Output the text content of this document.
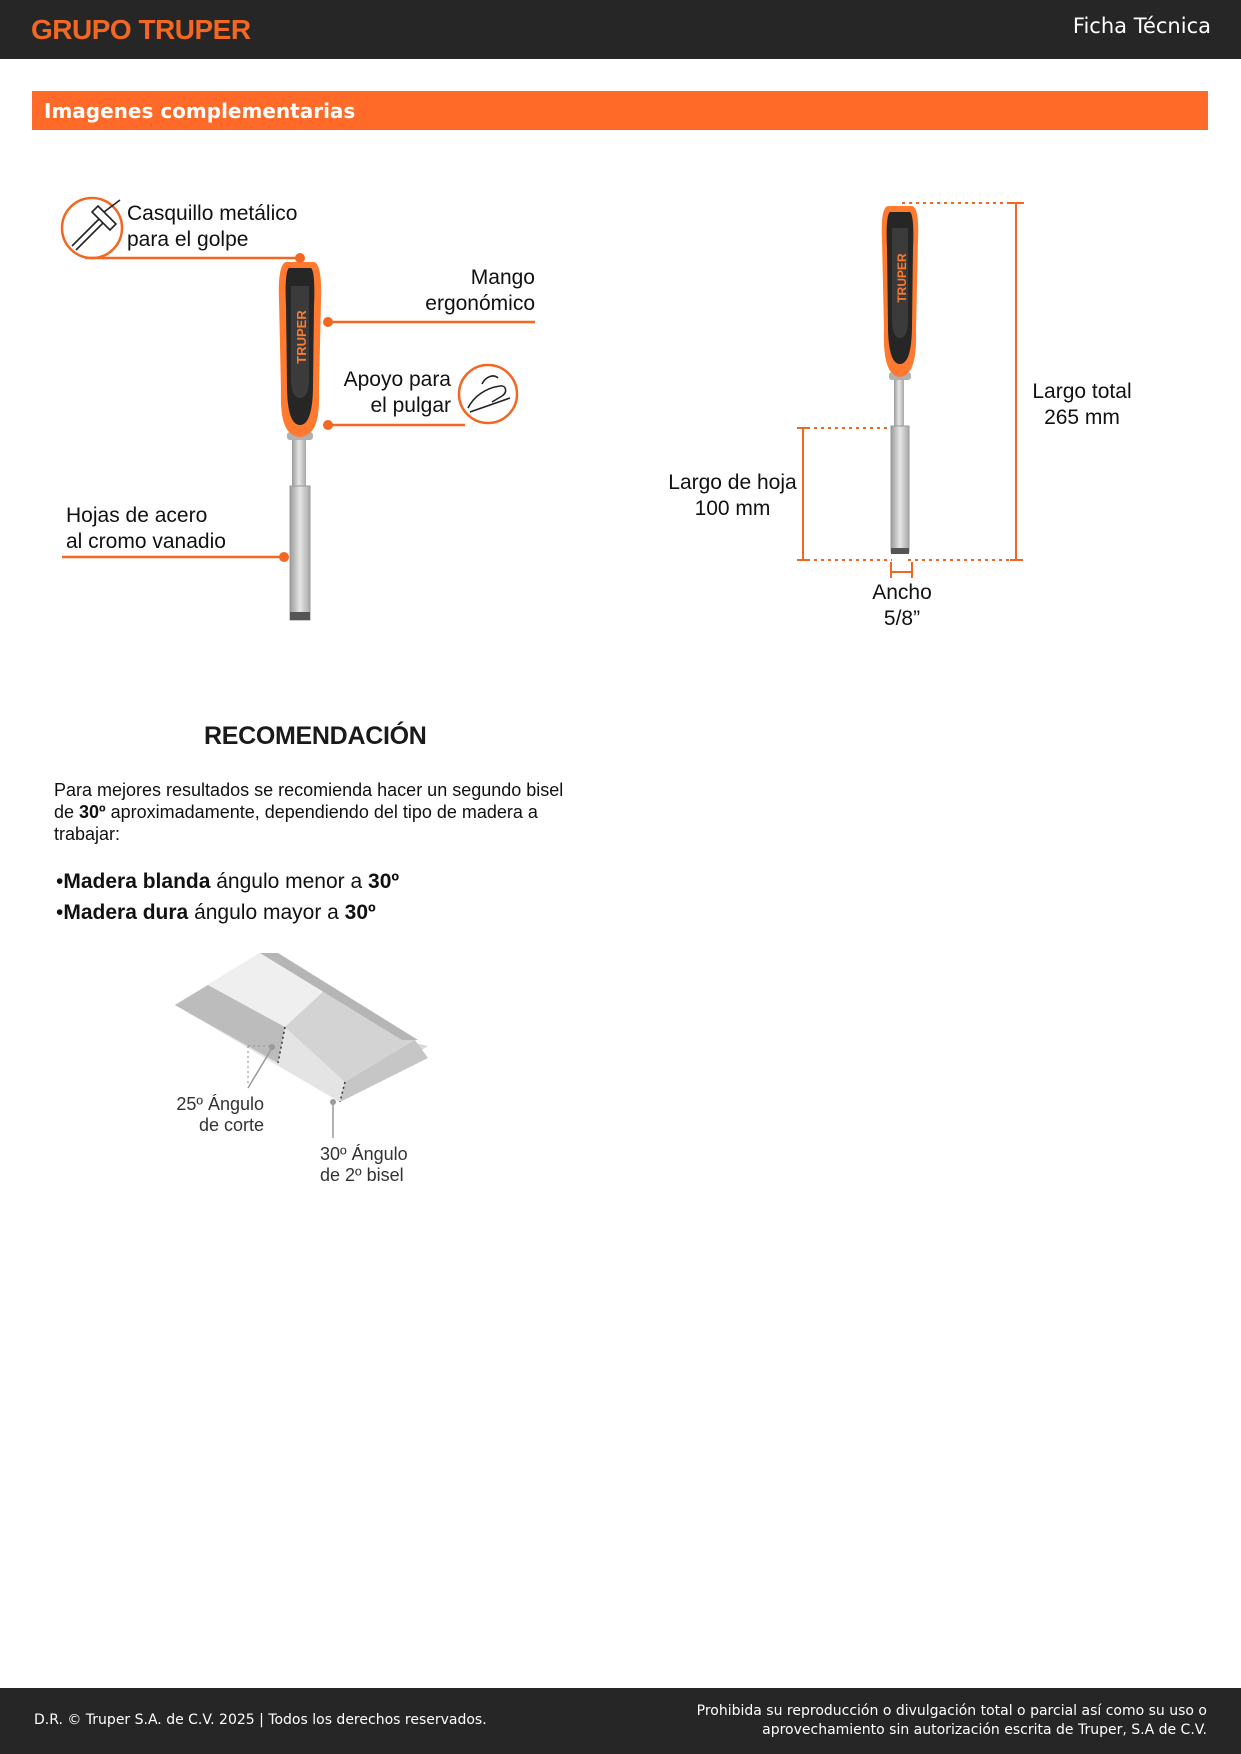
GRUPO TRUPER	Ficha Técnica
Imagenes complementarias
TRUPER
TRUPER
Casquillo metálico
para el golpe
Mango
ergonómico
Apoyo para
el pulgar
Hojas de acero
al cromo vanadio
Largo total
265 mm
Largo de hoja
100 mm
Ancho
5/8”
RECOMENDACIÓN
Para mejores resultados se recomienda hacer un segundo bisel de 30º aproximadamente, dependiendo del tipo de madera a trabajar:
•Madera blanda ángulo menor a 30º
•Madera dura ángulo mayor a 30º
25º Ángulo
de corte
30º Ángulo
de 2º bisel
D.R. © Truper S.A. de C.V. 2025 | Todos los derechos reservados.
Prohibida su reproducción o divulgación total o parcial así como su uso o
aprovechamiento sin autorización escrita de Truper, S.A de C.V.
